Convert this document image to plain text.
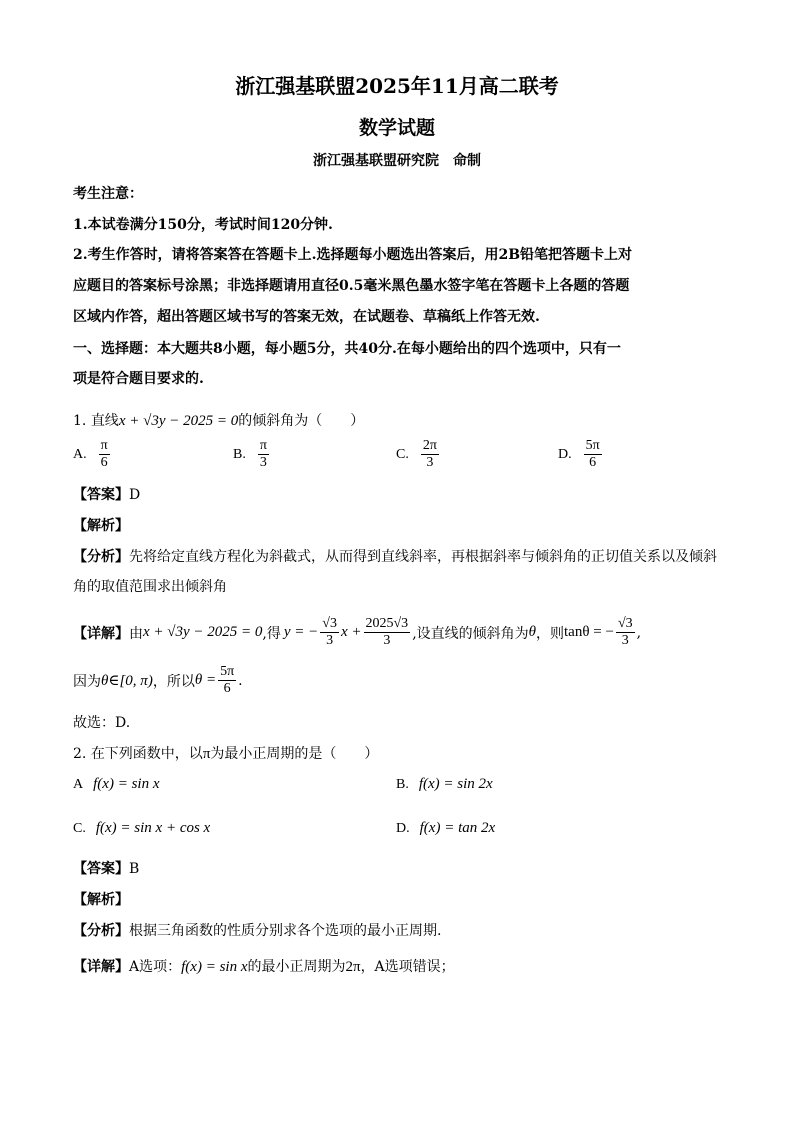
浙江强基联盟2025年11月高二联考
数学试题
浙江强基联盟研究院　命制
考生注意：
1.本试卷满分150分，考试时间120分钟.
2.考生作答时，请将答案答在答题卡上.选择题每小题选出答案后，用2B铅笔把答题卡上对
应题目的答案标号涂黑；非选择题请用直径0.5毫米黑色墨水签字笔在答题卡上各题的答题
区域内作答，超出答题区域书写的答案无效，在试题卷、草稿纸上作答无效.
一、选择题：本大题共8小题，每小题5分，共40分.在每小题给出的四个选项中，只有一
项是符合题目要求的.
1. 直线x + √3y − 2025 = 0的倾斜角为（　　）
A. $\frac{\pi}{6}$	B. $\frac{\pi}{3}$	C. $\frac{2\pi}{3}$	D. $\frac{5\pi}{6}$
【答案】D
【解析】
【分析】先将给定直线方程化为斜截式，从而得到直线斜率，再根据斜率与倾斜角的正切值关系以及倾斜
角的取值范围求出倾斜角
【详解】 由 x + √3y − 2025 = 0 ,得 y = − $\frac{√3}{3}$ $x + \frac{2025√3}{3}$ ,设直线的倾斜角为 θ ，则 tanθ = − $\frac{√3}{3}$ ,
因为 θ∈[0, π) ，所以 $\theta = \frac{5\pi}{6}$ .
故选：D.
2. 在下列函数中，以π为最小正周期的是（　　）
A f(x) = sin x	B. f(x) = sin 2x
C. f(x) = sin x + cos x	D. f(x) = tan 2x
【答案】B
【解析】
【分析】根据三角函数的性质分别求各个选项的最小正周期.
【详解】A选项：f(x) = sin x的最小正周期为2π，A选项错误；
